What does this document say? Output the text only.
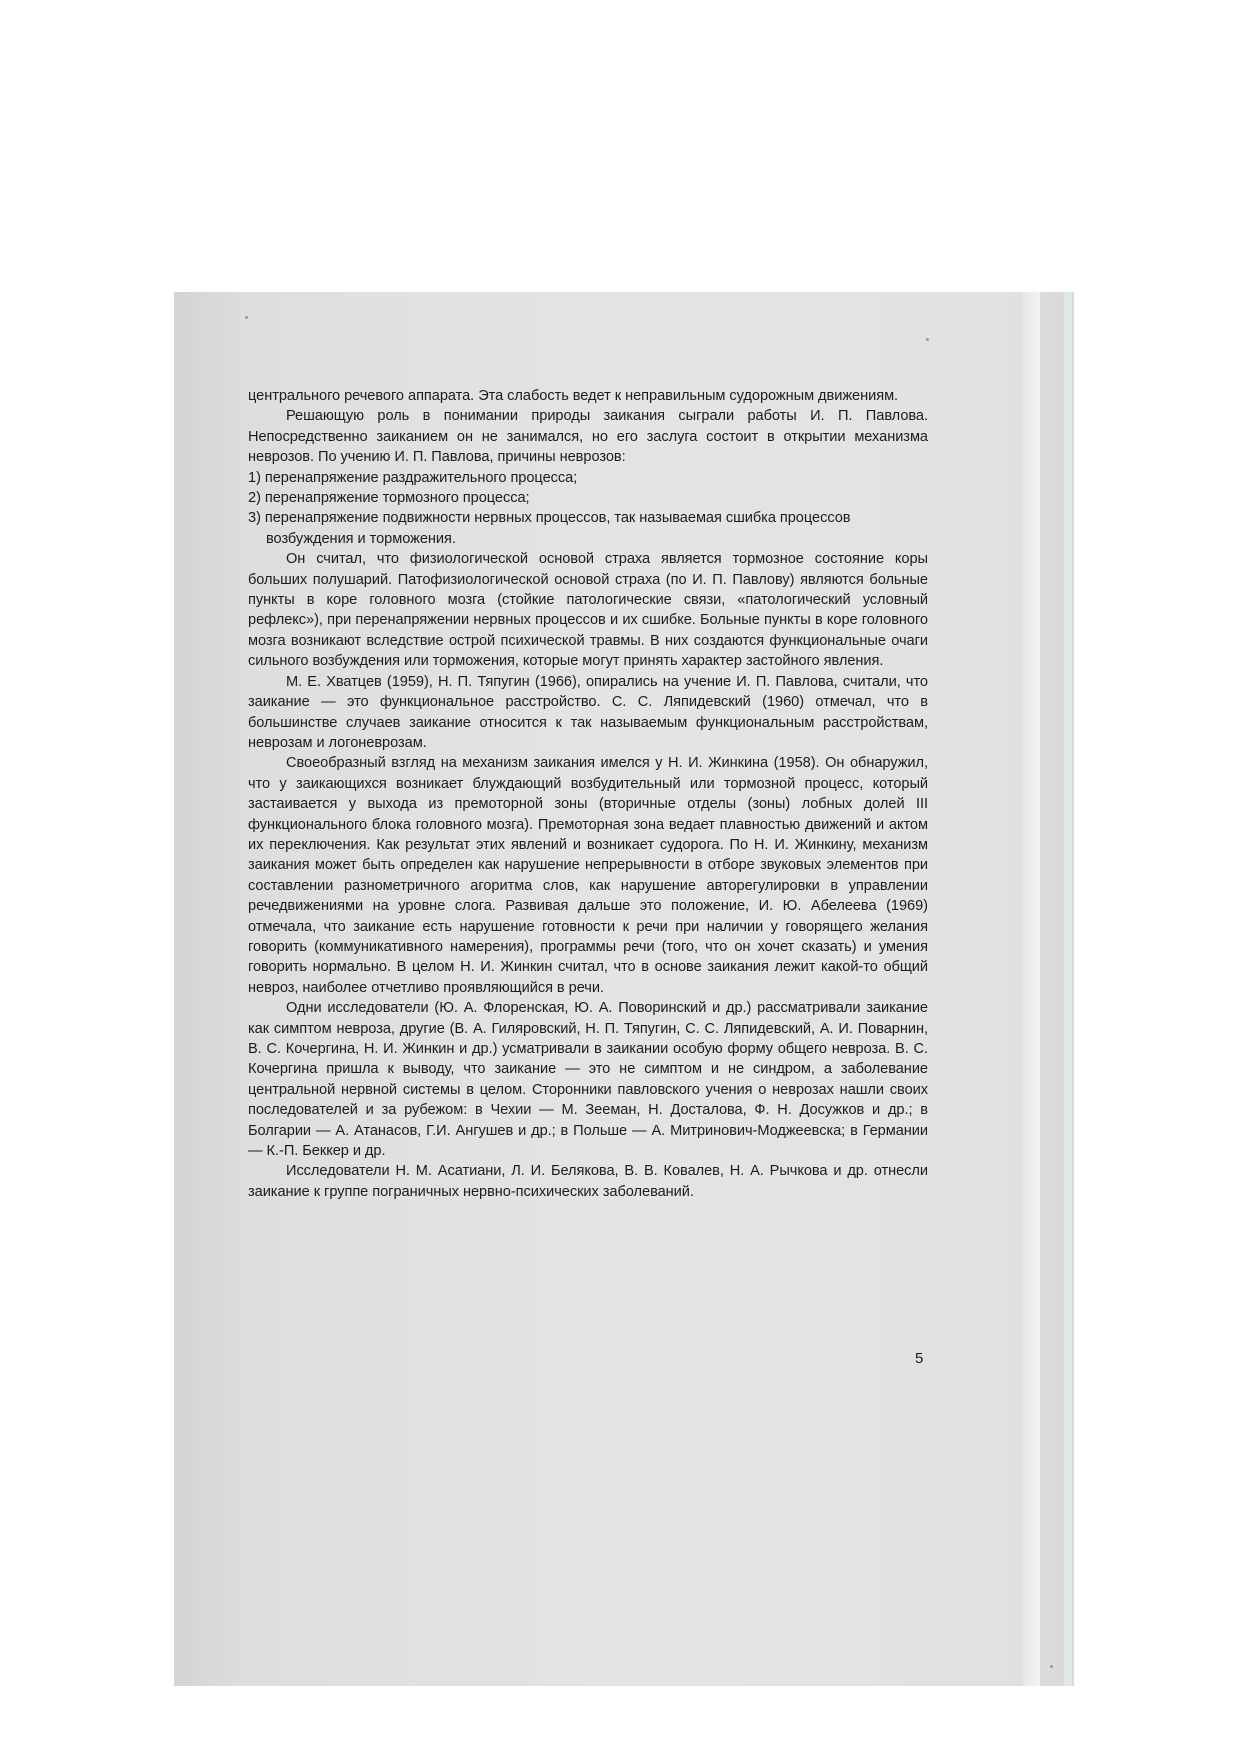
центрального речевого аппарата. Эта слабость ведет к неправильным судорожным движениям.

Решающую роль в понимании природы заикания сыграли работы И. П. Павлова. Непосредственно заиканием он не занимался, но его заслуга состоит в открытии механизма неврозов. По учению И. П. Павлова, причины неврозов:

1) перенапряжение раздражительного процесса;

2) перенапряжение тормозного процесса;

3) перенапряжение подвижности нервных процессов, так называемая сшибка процессов возбуждения и торможения.

Он считал, что физиологической основой страха является тормозное состояние коры больших полушарий. Патофизиологической основой страха (по И. П. Павлову) являются больные пункты в коре головного мозга (стойкие патологические связи, «патологический условный рефлекс»), при перенапряжении нервных процессов и их сшибке. Больные пункты в коре головного мозга возникают вследствие острой психической травмы. В них создаются функциональные очаги сильного возбуждения или торможения, которые могут принять характер застойного явления.

М. Е. Хватцев (1959), Н. П. Тяпугин (1966), опирались на учение И. П. Павлова, считали, что заикание — это функциональное расстройство. С. С. Ляпидевский (1960) отмечал, что в большинстве случаев заикание относится к так называемым функциональным расстройствам, неврозам и логоневрозам.

Своеобразный взгляд на механизм заикания имелся у Н. И. Жинкина (1958). Он обнаружил, что у заикающихся возникает блуждающий возбудительный или тормозной процесс, который застаивается у выхода из премоторной зоны (вторичные отделы (зоны) лобных долей III функционального блока головного мозга). Премоторная зона ведает плавностью движений и актом их переключения. Как результат этих явлений и возникает судорога. По Н. И. Жинкину, механизм заикания может быть определен как нарушение непрерывности в отборе звуковых элементов при составлении разнометричного агоритма слов, как нарушение авторегулировки в управлении речедвижениями на уровне слога. Развивая дальше это положение, И. Ю. Абелеева (1969) отмечала, что заикание есть нарушение готовности к речи при наличии у говорящего желания говорить (коммуникативного намерения), программы речи (того, что он хочет сказать) и умения говорить нормально. В целом Н. И. Жинкин считал, что в основе заикания лежит какой-то общий невроз, наиболее отчетливо проявляющийся в речи.

Одни исследователи (Ю. А. Флоренская, Ю. А. Поворинский и др.) рассматривали заикание как симптом невроза, другие (В. А. Гиляровский, Н. П. Тяпугин, С. С. Ляпидевский, А. И. Поварнин, В. С. Кочергина, Н. И. Жинкин и др.) усматривали в заикании особую форму общего невроза. В. С. Кочергина пришла к выводу, что заикание — это не симптом и не синдром, а заболевание центральной нервной системы в целом. Сторонники павловского учения о неврозах нашли своих последователей и за рубежом: в Чехии — М. Зееман, Н. Досталова, Ф. Н. Досужков и др.; в Болгарии — А. Атанасов, Г.И. Ангушев и др.; в Польше — А. Митринович-Моджеевска; в Германии — К.-П. Беккер и др.

Исследователи Н. М. Асатиани, Л. И. Белякова, В. В. Ковалев, Н. А. Рычкова и др. отнесли заикание к группе пограничных нервно-психических заболеваний.

5
